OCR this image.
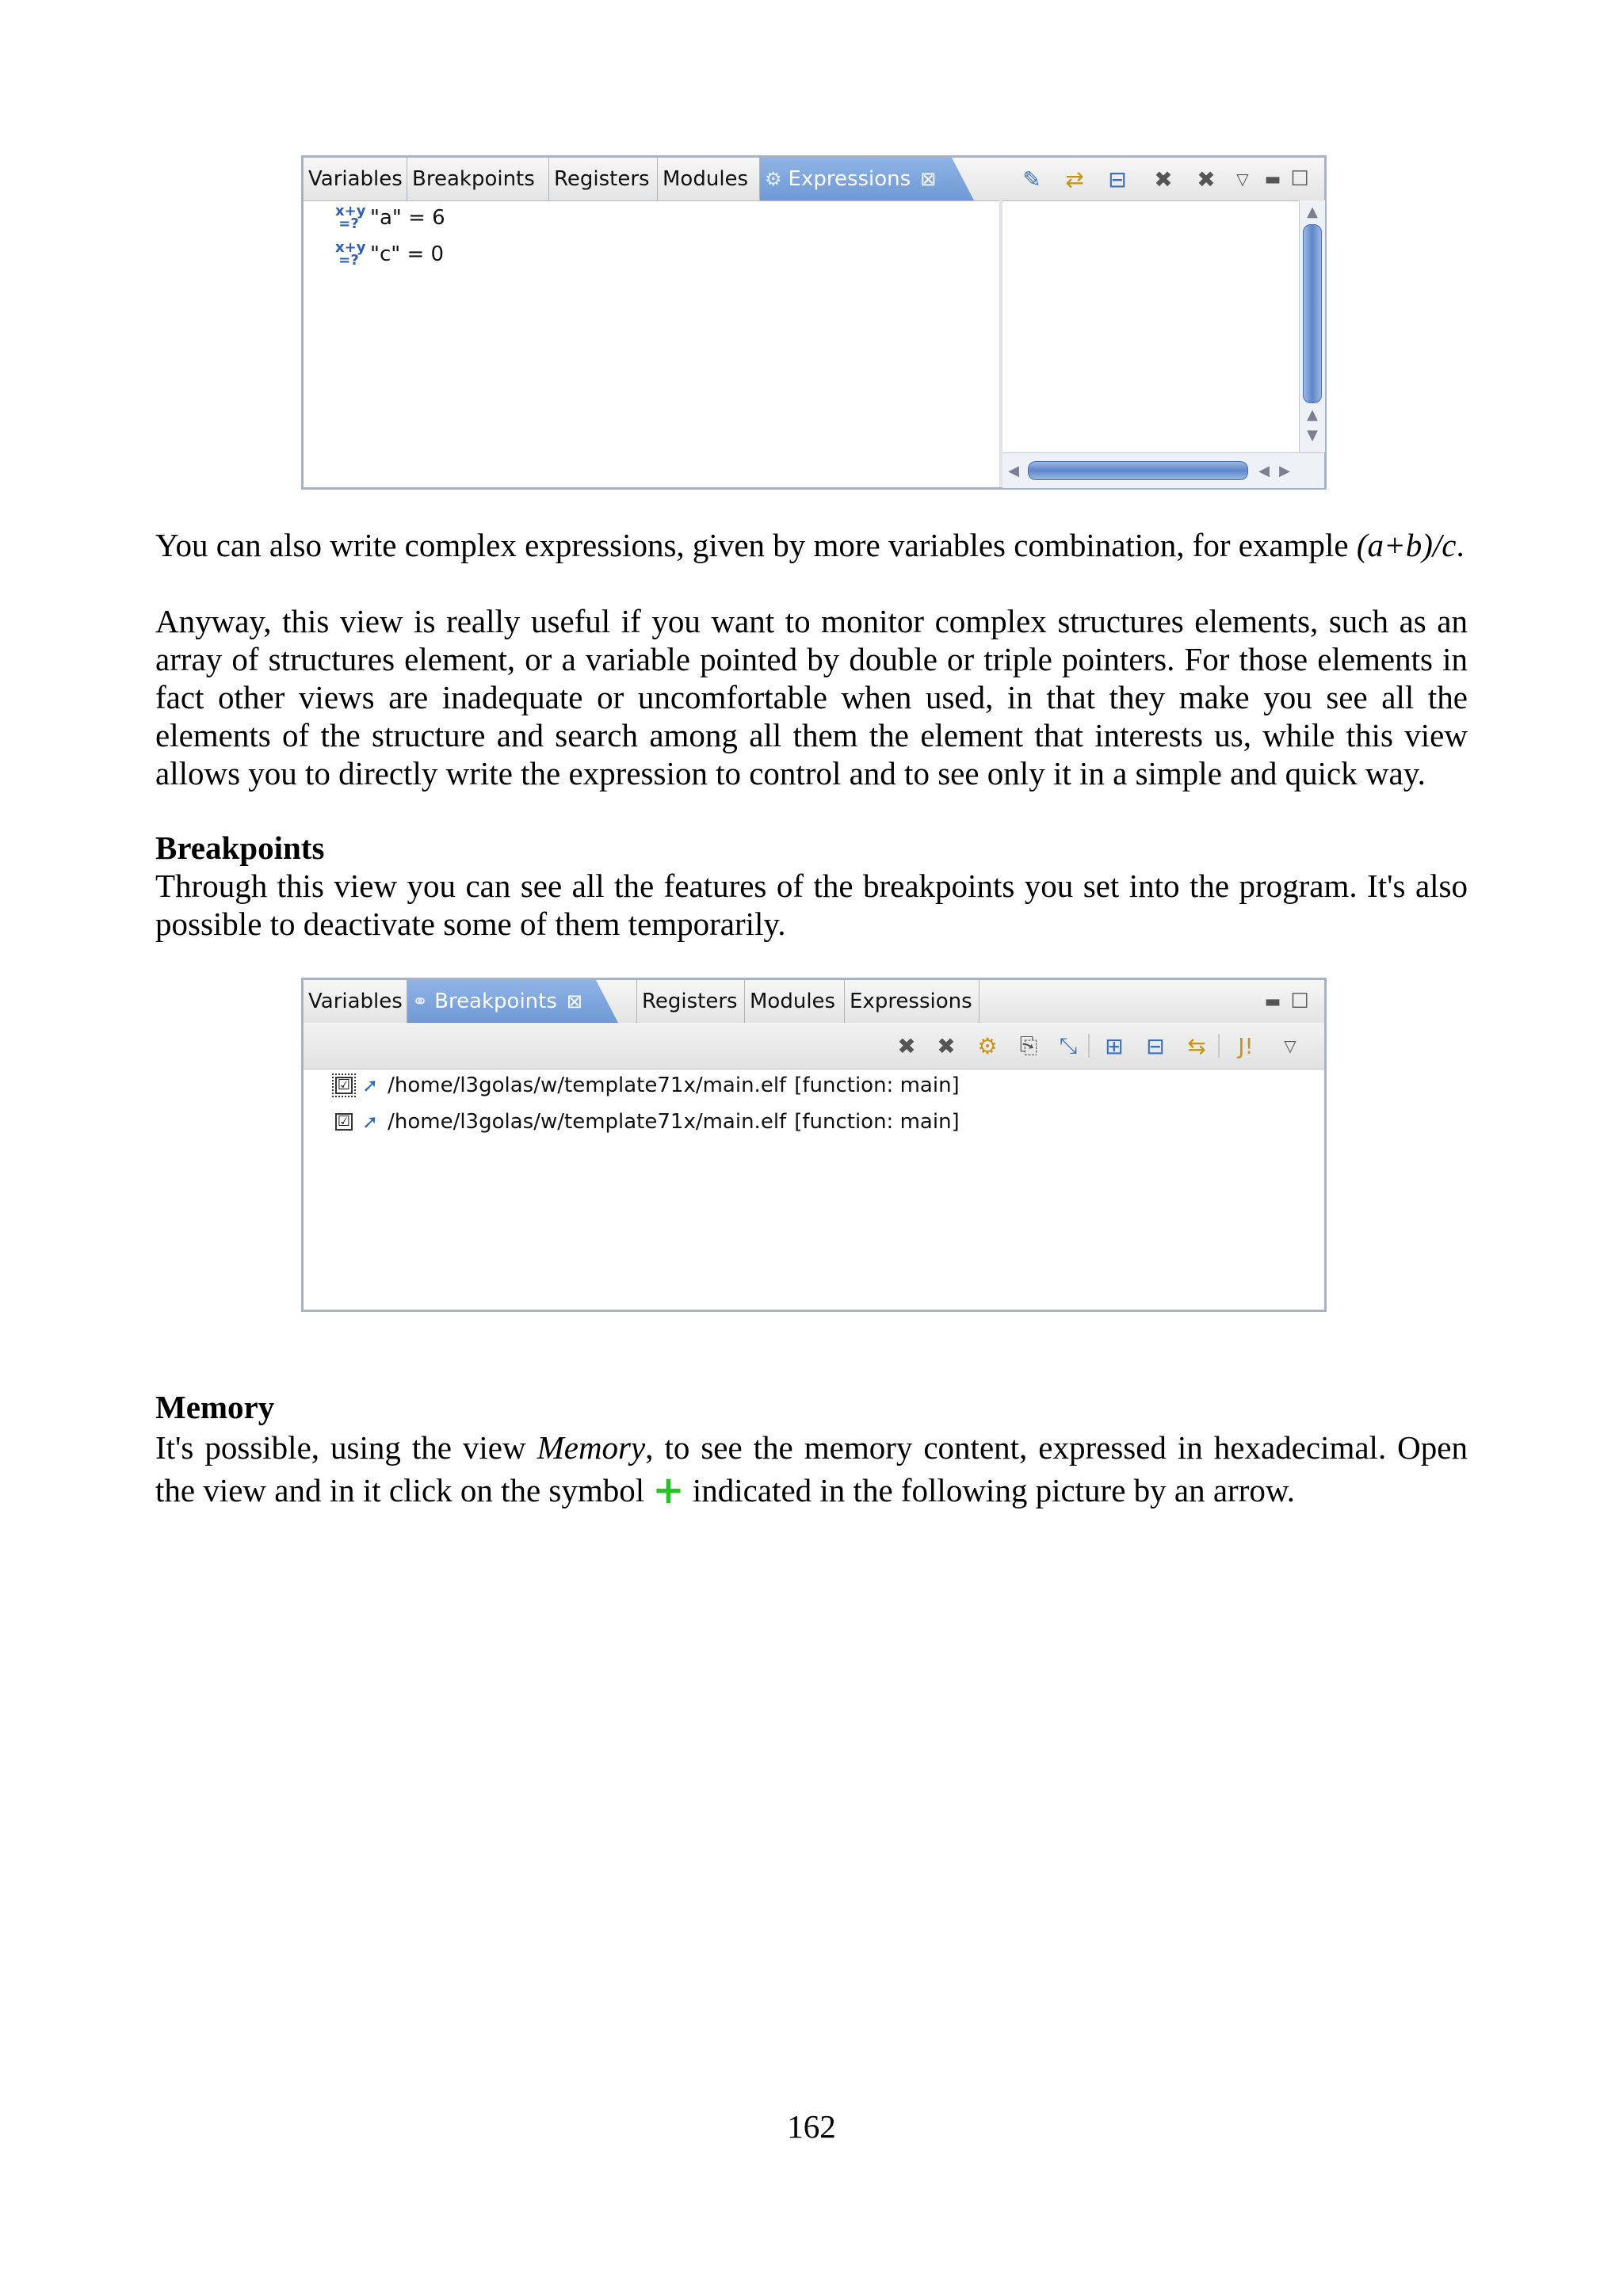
Variables Breakpoints Registers Modules ⚙ Expressions ⊠	✎ ⇄ ⊟ ✖ ✖	▽ ▬ ☐
x+y
=? "a" = 6
x+y
=? "c" = 0
▲
▲
▼
◀	◀ ▶
You can also write complex expressions, given by more variables combination, for example (a+b)/c.
Anyway, this view is really useful if you want to monitor complex structures elements, such as an array of structures element, or a variable pointed by double or triple pointers. For those elements in fact other views are inadequate or uncomfortable when used, in that they make you see all the elements of the structure and search among all them the element that interests us, while this view allows you to directly write the expression to control and to see only it in a simple and quick way.
Breakpoints
Through this view you can see all the features of the breakpoints you set into the program. It's also possible to deactivate some of them temporarily.
Variables ⚭ Breakpoints ⊠	Registers Modules Expressions	▬ ☐
✖ ✖ ⚙ ⎘ ⤡ ⊞ ⊟ ⇆ J!	▽
☑ ➚ /home/l3golas/w/template71x/main.elf [function: main]
☑ ➚ /home/l3golas/w/template71x/main.elf [function: main]
Memory
It's possible, using the view Memory, to see the memory content, expressed in hexadecimal. Open the view and in it click on the symbol + indicated in the following picture by an arrow.
162
